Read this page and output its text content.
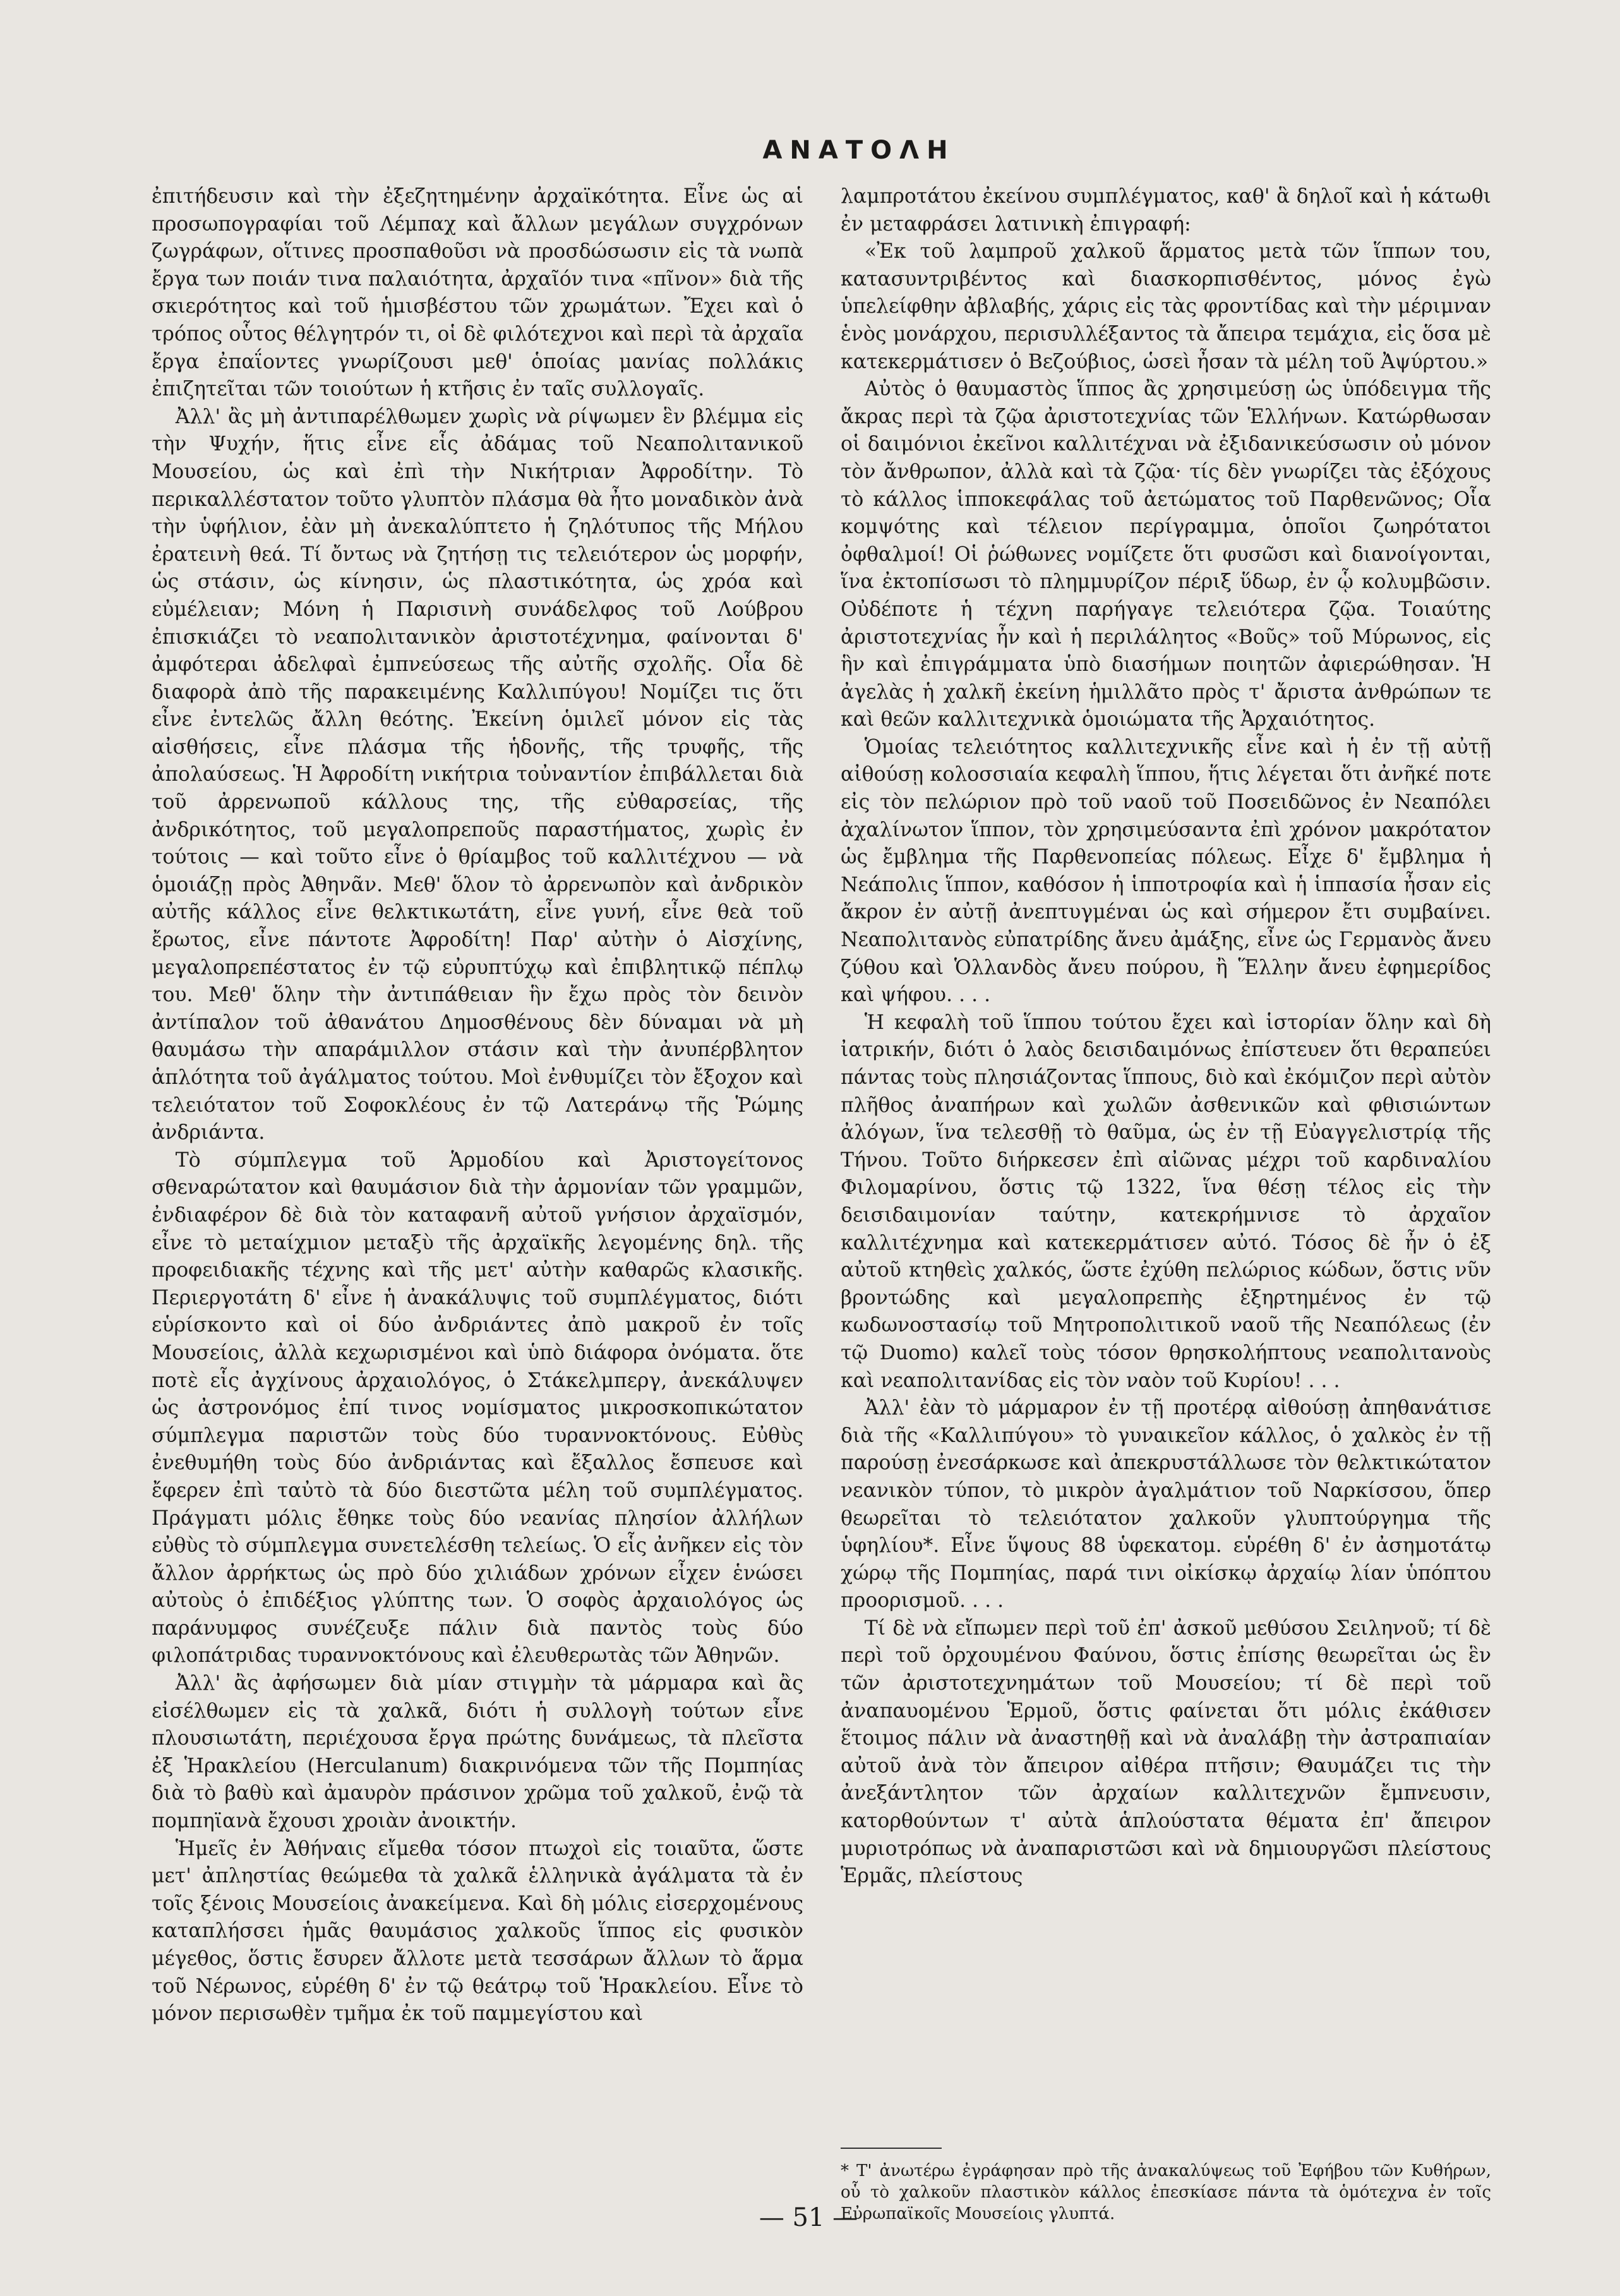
ΑΝΑΤΟΛΗ

ἐπιτήδευσιν καὶ τὴν ἐξεζητημένην ἀρχαϊκότητα. Εἶνε ὡς αἱ προσωπογραφίαι τοῦ Λέμπαχ καὶ ἄλλων μεγάλων συγχρόνων ζωγράφων, οἵτινες προσπαθοῦσι νὰ προσδώσωσιν εἰς τὰ νωπὰ ἔργα των ποιάν τινα παλαιότητα, ἀρχαῖόν τινα «πῖνον» διὰ τῆς σκιερότητος καὶ τοῦ ἡμισβέστου τῶν χρωμάτων. Ἔχει καὶ ὁ τρόπος οὗτος θέλγητρόν τι, οἱ δὲ φιλότεχνοι καὶ περὶ τὰ ἀρχαῖα ἔργα ἐπαΐοντες γνωρίζουσι μεθ' ὁποίας μανίας πολλάκις ἐπιζητεῖται τῶν τοιούτων ἡ κτῆσις ἐν ταῖς συλλογαῖς.

Ἀλλ' ἂς μὴ ἀντιπαρέλθωμεν χωρὶς νὰ ρίψωμεν ἓν βλέμμα εἰς τὴν Ψυχήν, ἥτις εἶνε εἷς ἀδάμας τοῦ Νεαπολιτανικοῦ Μουσείου, ὡς καὶ ἐπὶ τὴν Νικήτριαν Ἀφροδίτην. Τὸ περικαλλέστατον τοῦτο γλυπτὸν πλάσμα θὰ ἦτο μοναδικὸν ἀνὰ τὴν ὑφήλιον, ἐὰν μὴ ἀνεκαλύπτετο ἡ ζηλότυπος τῆς Μήλου ἐρατεινὴ θεά. Τί ὄντως νὰ ζητήσῃ τις τελειότερον ὡς μορφήν, ὡς στάσιν, ὡς κίνησιν, ὡς πλαστικότητα, ὡς χρόα καὶ εὐμέλειαν; Μόνη ἡ Παρισινὴ συνάδελφος τοῦ Λούβρου ἐπισκιάζει τὸ νεαπολιτανικὸν ἀριστοτέχνημα, φαίνονται δ' ἀμφότεραι ἀδελφαὶ ἐμπνεύσεως τῆς αὐτῆς σχολῆς. Οἷα δὲ διαφορὰ ἀπὸ τῆς παρακειμένης Καλλιπύγου! Νομίζει τις ὅτι εἶνε ἐντελῶς ἄλλη θεότης. Ἐκείνη ὁμιλεῖ μόνον εἰς τὰς αἰσθήσεις, εἶνε πλάσμα τῆς ἡδονῆς, τῆς τρυφῆς, τῆς ἀπολαύσεως. Ἡ Ἀφροδίτη νικήτρια τοὐναντίον ἐπιβάλλεται διὰ τοῦ ἀρρενωποῦ κάλλους της, τῆς εὐθαρσείας, τῆς ἀνδρικότητος, τοῦ μεγαλοπρεποῦς παραστήματος, χωρὶς ἐν τούτοις — καὶ τοῦτο εἶνε ὁ θρίαμβος τοῦ καλλιτέχνου — νὰ ὁμοιάζῃ πρὸς Ἀθηνᾶν. Μεθ' ὅλον τὸ ἀρρενωπὸν καὶ ἀνδρικὸν αὐτῆς κάλλος εἶνε θελκτικωτάτη, εἶνε γυνή, εἶνε θεὰ τοῦ ἔρωτος, εἶνε πάντοτε Ἀφροδίτη! Παρ' αὐτὴν ὁ Αἰσχίνης, μεγαλοπρεπέστατος ἐν τῷ εὐρυπτύχῳ καὶ ἐπιβλητικῷ πέπλῳ του. Μεθ' ὅλην τὴν ἀντιπάθειαν ἣν ἔχω πρὸς τὸν δεινὸν ἀντίπαλον τοῦ ἀθανάτου Δημοσθένους δὲν δύναμαι νὰ μὴ θαυμάσω τὴν απαράμιλλον στάσιν καὶ τὴν ἀνυπέρβλητον ἁπλότητα τοῦ ἀγάλματος τούτου. Μοὶ ἐνθυμίζει τὸν ἔξοχον καὶ τελειότατον τοῦ Σοφοκλέους ἐν τῷ Λατεράνῳ τῆς Ῥώμης ἀνδριάντα.

Τὸ σύμπλεγμα τοῦ Ἁρμοδίου καὶ Ἀριστογείτονος σθεναρώτατον καὶ θαυμάσιον διὰ τὴν ἁρμονίαν τῶν γραμμῶν, ἐνδιαφέρον δὲ διὰ τὸν καταφανῆ αὐτοῦ γνήσιον ἀρχαϊσμόν, εἶνε τὸ μεταίχμιον μεταξὺ τῆς ἀρχαϊκῆς λεγομένης δηλ. τῆς προφειδιακῆς τέχνης καὶ τῆς μετ' αὐτὴν καθαρῶς κλασικῆς. Περιεργοτάτη δ' εἶνε ἡ ἀνακάλυψις τοῦ συμπλέγματος, διότι εὑρίσκοντο καὶ οἱ δύο ἀνδριάντες ἀπὸ μακροῦ ἐν τοῖς Μουσείοις, ἀλλὰ κεχωρισμένοι καὶ ὑπὸ διάφορα ὀνόματα. ὅτε ποτὲ εἷς ἀγχίνους ἀρχαιολόγος, ὁ Στάκελμπεργ, ἀνεκάλυψεν ὡς ἀστρονόμος ἐπί τινος νομίσματος μικροσκοπικώτατον σύμπλεγμα παριστῶν τοὺς δύο τυραννοκτόνους. Εὐθὺς ἐνεθυμήθη τοὺς δύο ἀνδριάντας καὶ ἔξαλλος ἔσπευσε καὶ ἔφερεν ἐπὶ ταὐτὸ τὰ δύο διεστῶτα μέλη τοῦ συμπλέγματος. Πράγματι μόλις ἔθηκε τοὺς δύο νεανίας πλησίον ἀλλήλων εὐθὺς τὸ σύμπλεγμα συνετελέσθη τελείως. Ὁ εἷς ἀνῆκεν εἰς τὸν ἄλλον ἀρρήκτως ὡς πρὸ δύο χιλιάδων χρόνων εἶχεν ἑνώσει αὐτοὺς ὁ ἐπιδέξιος γλύπτης των. Ὁ σοφὸς ἀρχαιολόγος ὡς παράνυμφος συνέζευξε πάλιν διὰ παντὸς τοὺς δύο φιλοπάτριδας τυραννοκτόνους καὶ ἐλευθερωτὰς τῶν Ἀθηνῶν.

Ἀλλ' ἂς ἀφήσωμεν διὰ μίαν στιγμὴν τὰ μάρμαρα καὶ ἂς εἰσέλθωμεν εἰς τὰ χαλκᾶ, διότι ἡ συλλογὴ τούτων εἶνε πλουσιωτάτη, περιέχουσα ἔργα πρώτης δυνάμεως, τὰ πλεῖστα ἐξ Ἡρακλείου (Herculanum) διακρινόμενα τῶν τῆς Πομπηίας διὰ τὸ βαθὺ καὶ ἀμαυρὸν πράσινον χρῶμα τοῦ χαλκοῦ, ἐνῷ τὰ πομπηϊανὰ ἔχουσι χροιὰν ἀνοικτήν.

Ἡμεῖς ἐν Ἀθήναις εἴμεθα τόσον πτωχοὶ εἰς τοιαῦτα, ὥστε μετ' ἀπληστίας θεώμεθα τὰ χαλκᾶ ἑλληνικὰ ἀγάλματα τὰ ἐν τοῖς ξένοις Μουσείοις ἀνακείμενα. Καὶ δὴ μόλις εἰσερχομένους καταπλήσσει ἡμᾶς θαυμάσιος χαλκοῦς ἵππος εἰς φυσικὸν μέγεθος, ὅστις ἔσυρεν ἄλλοτε μετὰ τεσσάρων ἄλλων τὸ ἅρμα τοῦ Νέρωνος, εὑρέθη δ' ἐν τῷ θεάτρῳ τοῦ Ἡρακλείου. Εἶνε τὸ μόνον περισωθὲν τμῆμα ἐκ τοῦ παμμεγίστου καὶ

λαμπροτάτου ἐκείνου συμπλέγματος, καθ' ἃ δηλοῖ καὶ ἡ κάτωθι ἐν μεταφράσει λατινικὴ ἐπιγραφή:

«Ἐκ τοῦ λαμπροῦ χαλκοῦ ἅρματος μετὰ τῶν ἵππων του, κατασυντριβέντος καὶ διασκορπισθέντος, μόνος ἐγὼ ὑπελείφθην ἀβλαβής, χάρις εἰς τὰς φροντίδας καὶ τὴν μέριμναν ἑνὸς μονάρχου, περισυλλέξαντος τὰ ἄπειρα τεμάχια, εἰς ὅσα μὲ κατεκερμάτισεν ὁ Βεζούβιος, ὡσεὶ ἦσαν τὰ μέλη τοῦ Ἀψύρτου.»

Αὐτὸς ὁ θαυμαστὸς ἵππος ἂς χρησιμεύσῃ ὡς ὑπόδειγμα τῆς ἄκρας περὶ τὰ ζῷα ἀριστοτεχνίας τῶν Ἑλλήνων. Κατώρθωσαν οἱ δαιμόνιοι ἐκεῖνοι καλλιτέχναι νὰ ἐξιδανικεύσωσιν οὐ μόνον τὸν ἄνθρωπον, ἀλλὰ καὶ τὰ ζῷα· τίς δὲν γνωρίζει τὰς ἐξόχους τὸ κάλλος ἱπποκεφάλας τοῦ ἀετώματος τοῦ Παρθενῶνος; Οἷα κομψότης καὶ τέλειον περίγραμμα, ὁποῖοι ζωηρότατοι ὀφθαλμοί! Οἱ ῥώθωνες νομίζετε ὅτι φυσῶσι καὶ διανοίγονται, ἵνα ἐκτοπίσωσι τὸ πλημμυρίζον πέριξ ὕδωρ, ἐν ᾧ κολυμβῶσιν. Οὐδέποτε ἡ τέχνη παρήγαγε τελειότερα ζῷα. Τοιαύτης ἀριστοτεχνίας ἦν καὶ ἡ περιλάλητος «Βοῦς» τοῦ Μύρωνος, εἰς ἣν καὶ ἐπιγράμματα ὑπὸ διασήμων ποιητῶν ἀφιερώθησαν. Ἡ ἀγελὰς ἡ χαλκῆ ἐκείνη ἡμιλλᾶτο πρὸς τ' ἄριστα ἀνθρώπων τε καὶ θεῶν καλλιτεχνικὰ ὁμοιώματα τῆς Ἀρχαιότητος.

Ὁμοίας τελειότητος καλλιτεχνικῆς εἶνε καὶ ἡ ἐν τῇ αὐτῇ αἰθούσῃ κολοσσιαία κεφαλὴ ἵππου, ἥτις λέγεται ὅτι ἀνῆκέ ποτε εἰς τὸν πελώριον πρὸ τοῦ ναοῦ τοῦ Ποσειδῶνος ἐν Νεαπόλει ἀχαλίνωτον ἵππον, τὸν χρησιμεύσαντα ἐπὶ χρόνον μακρότατον ὡς ἔμβλημα τῆς Παρθενοπείας πόλεως. Εἶχε δ' ἔμβλημα ἡ Νεάπολις ἵππον, καθόσον ἡ ἱπποτροφία καὶ ἡ ἱππασία ἦσαν εἰς ἄκρον ἐν αὐτῇ ἀνεπτυγμέναι ὡς καὶ σήμερον ἔτι συμβαίνει. Νεαπολιτανὸς εὐπατρίδης ἄνευ ἀμάξης, εἶνε ὡς Γερμανὸς ἄνευ ζύθου καὶ Ὁλλανδὸς ἄνευ πούρου, ἢ Ἕλλην ἄνευ ἐφημερίδος καὶ ψήφου. . . .

Ἡ κεφαλὴ τοῦ ἵππου τούτου ἔχει καὶ ἱστορίαν ὅλην καὶ δὴ ἰατρικήν, διότι ὁ λαὸς δεισιδαιμόνως ἐπίστευεν ὅτι θεραπεύει πάντας τοὺς πλησιάζοντας ἵππους, διὸ καὶ ἐκόμιζον περὶ αὐτὸν πλῆθος ἀναπήρων καὶ χωλῶν ἀσθενικῶν καὶ φθισιώντων ἀλόγων, ἵνα τελεσθῇ τὸ θαῦμα, ὡς ἐν τῇ Εὐαγγελιστρίᾳ τῆς Τήνου. Τοῦτο διήρκεσεν ἐπὶ αἰῶνας μέχρι τοῦ καρδιναλίου Φιλομαρίνου, ὅστις τῷ 1322, ἵνα θέσῃ τέλος εἰς τὴν δεισιδαιμονίαν ταύτην, κατεκρήμνισε τὸ ἀρχαῖον καλλιτέχνημα καὶ κατεκερμάτισεν αὐτό. Τόσος δὲ ἦν ὁ ἐξ αὐτοῦ κτηθεὶς χαλκός, ὥστε ἐχύθη πελώριος κώδων, ὅστις νῦν βροντώδης καὶ μεγαλοπρεπὴς ἐξηρτημένος ἐν τῷ κωδωνοστασίῳ τοῦ Μητροπολιτικοῦ ναοῦ τῆς Νεαπόλεως (ἐν τῷ Duomo) καλεῖ τοὺς τόσον θρησκολήπτους νεαπολιτανοὺς καὶ νεαπολιτανίδας εἰς τὸν ναὸν τοῦ Κυρίου! . . .

Ἀλλ' ἐὰν τὸ μάρμαρον ἐν τῇ προτέρᾳ αἰθούσῃ ἀπηθανάτισε διὰ τῆς «Καλλιπύγου» τὸ γυναικεῖον κάλλος, ὁ χαλκὸς ἐν τῇ παρούσῃ ἐνεσάρκωσε καὶ ἀπεκρυστάλλωσε τὸν θελκτικώτατον νεανικὸν τύπον, τὸ μικρὸν ἀγαλμάτιον τοῦ Ναρκίσσου, ὅπερ θεωρεῖται τὸ τελειότατον χαλκοῦν γλυπτούργημα τῆς ὑφηλίου*. Εἶνε ὕψους 88 ὑφεκατομ. εὑρέθη δ' ἐν ἀσημοτάτῳ χώρῳ τῆς Πομπηίας, παρά τινι οἰκίσκῳ ἀρχαίῳ λίαν ὑπόπτου προορισμοῦ. . . .

Τί δὲ νὰ εἴπωμεν περὶ τοῦ ἐπ' ἀσκοῦ μεθύσου Σειληνοῦ; τί δὲ περὶ τοῦ ὀρχουμένου Φαύνου, ὅστις ἐπίσης θεωρεῖται ὡς ἓν τῶν ἀριστοτεχνημάτων τοῦ Μουσείου; τί δὲ περὶ τοῦ ἀναπαυομένου Ἑρμοῦ, ὅστις φαίνεται ὅτι μόλις ἐκάθισεν ἕτοιμος πάλιν νὰ ἀναστηθῇ καὶ νὰ ἀναλάβῃ τὴν ἀστραπιαίαν αὐτοῦ ἀνὰ τὸν ἄπειρον αἰθέρα πτῆσιν; Θαυμάζει τις τὴν ἀνεξάντλητον τῶν ἀρχαίων καλλιτεχνῶν ἔμπνευσιν, κατορθούντων τ' αὐτὰ ἁπλούστατα θέματα ἐπ' ἄπειρον μυριοτρόπως νὰ ἀναπαριστῶσι καὶ νὰ δημιουργῶσι πλείστους Ἑρμᾶς, πλείστους

* Τ' ἀνωτέρω ἐγράφησαν πρὸ τῆς ἀνακαλύψεως τοῦ Ἐφήβου τῶν Κυθήρων, οὗ τὸ χαλκοῦν πλαστικὸν κάλλος ἐπεσκίασε πάντα τὰ ὁμότεχνα ἐν τοῖς Εὐρωπαϊκοῖς Μουσείοις γλυπτά.
— 51 —
